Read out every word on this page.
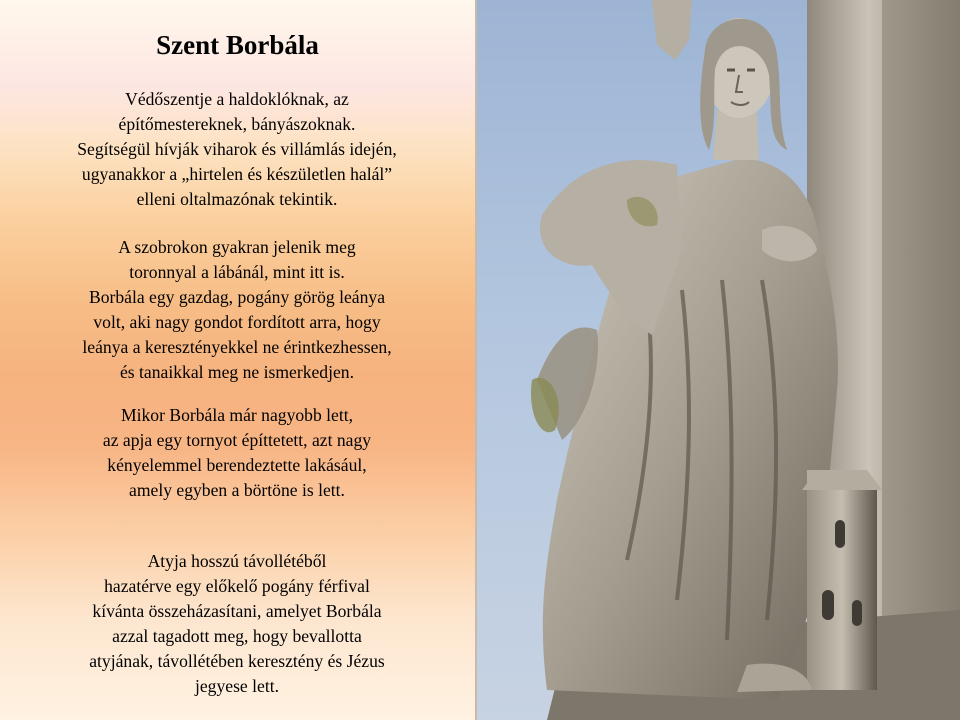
Szent Borbála

Védőszentje a haldoklóknak, az
építőmestereknek, bányászoknak.
Segítségül hívják viharok és villámlás idején,
ugyanakkor a „hirtelen és készületlen halál”
elleni oltalmazónak tekintik.

A szobrokon gyakran jelenik meg
toronnyal a lábánál, mint itt is.
Borbála egy gazdag, pogány görög leánya
volt, aki nagy gondot fordított arra, hogy
leánya a keresztényekkel ne érintkezhessen,
és tanaikkal meg ne ismerkedjen.

Mikor Borbála már nagyobb lett,
az apja egy tornyot építtetett, azt nagy
kényelemmel berendeztette lakásául,
amely egyben a börtöne is lett.

Atyja hosszú távollétéből
hazatérve egy előkelő pogány férfival
kívánta összeházasítani, amelyet Borbála
azzal tagadott meg, hogy bevallotta
atyjának, távollétében keresztény és Jézus
jegyese lett.
